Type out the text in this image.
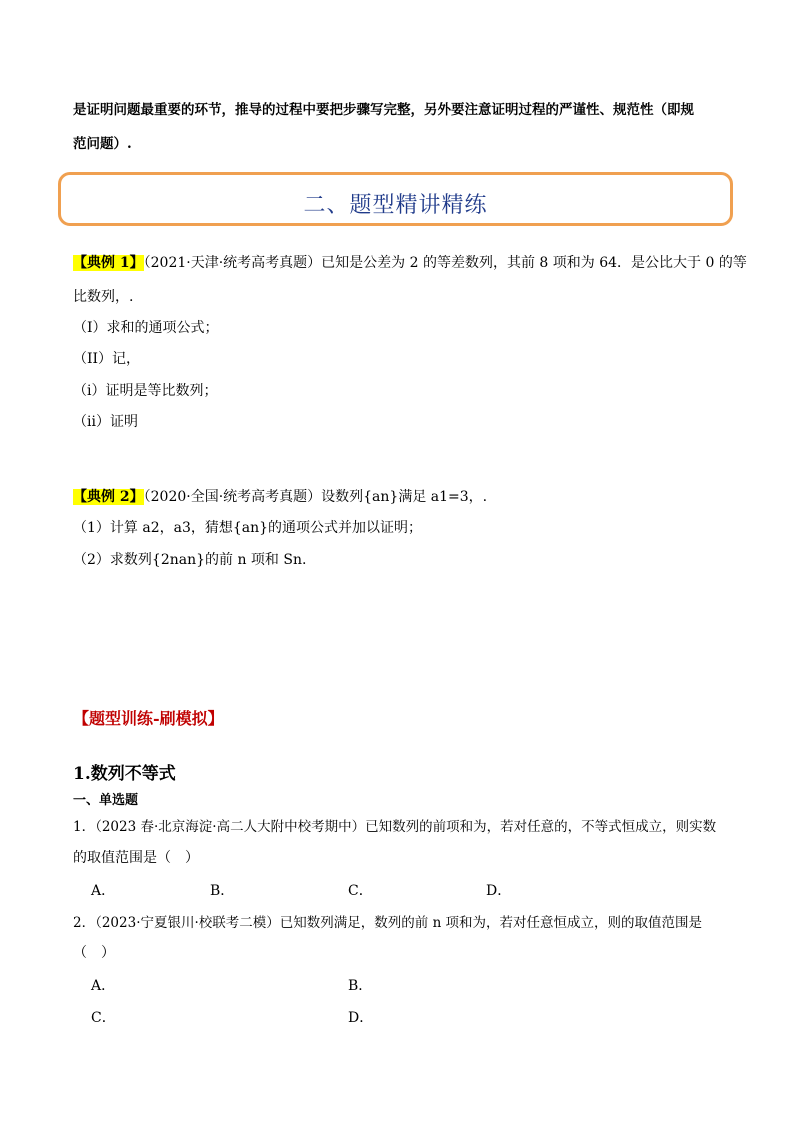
是证明问题最重要的环节，推导的过程中要把步骤写完整，另外要注意证明过程的严谨性、规范性（即规
范问题）.
二、题型精讲精练
【典例 1】（2021·天津·统考高考真题）已知是公差为 2 的等差数列，其前 8 项和为 64．是公比大于 0 的等
比数列，.
（I）求和的通项公式；
（II）记，
（i）证明是等比数列；
（ii）证明
【典例 2】（2020·全国·统考高考真题）设数列{an}满足 a1=3，.
（1）计算 a2，a3，猜想{an}的通项公式并加以证明；
（2）求数列{2nan}的前 n 项和 Sn.
【题型训练-刷模拟】
1.数列不等式
一、单选题
1．（2023 春·北京海淀·高二人大附中校考期中）已知数列的前项和为，若对任意的，不等式恒成立，则实数
的取值范围是（　）
A．	B．	C．	D．
2．（2023·宁夏银川·校联考二模）已知数列满足，数列的前 n 项和为，若对任意恒成立，则的取值范围是
（　）
A．	B．
C．	D．
